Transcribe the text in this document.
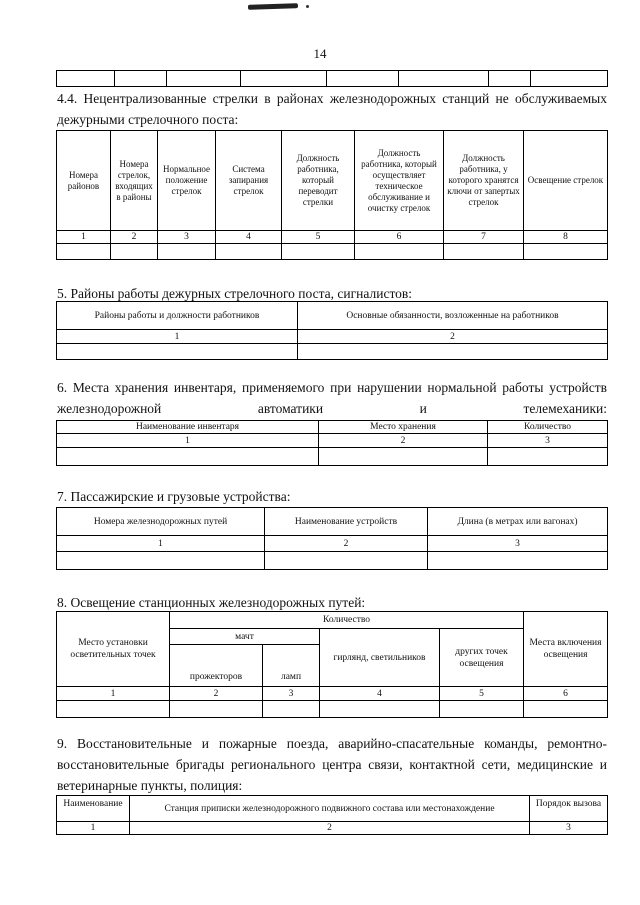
14

4.4. Нецентрализованные стрелки в районах железнодорожных станций не обслуживаемых дежурными стрелочного поста:
Номера районов	Номера стрелок, входящих в районы	Нормальное положение стрелок	Система запирания стрелок	Должность работника, который переводит стрелки	Должность работника, который осуществляет техническое обслуживание и очистку стрелок	Должность работника, у которого хранятся ключи от запертых стрелок	Освещение стрелок
1	2	3	4	5	6	7	8

5. Районы работы дежурных стрелочного поста, сигналистов:
Районы работы и должности работников	Основные обязанности, возложенные на работников
1	2

6. Места хранения инвентаря, применяемого при нарушении нормальной работы устройств железнодорожной автоматики и телемеханики:
Наименование инвентаря	Место хранения	Количество
1	2	3

7. Пассажирские и грузовые устройства:
Номера железнодорожных путей	Наименование устройств	Длина (в метрах или вагонах)
1	2	3

8. Освещение станционных железнодорожных путей:
Место установки осветительных точек	Количество				Места включения освещения
	мачт		гирлянд, светильников	других точек освещения	
	прожекторов	ламп			
1	2	3	4	5	6

9. Восстановительные и пожарные поезда, аварийно-спасательные команды, ремонтно-восстановительные бригады регионального центра связи, контактной сети, медицинские и ветеринарные пункты, полиция:
Наименование	Станция приписки железнодорожного подвижного состава или местонахождение	Порядок вызова
1	2	3
